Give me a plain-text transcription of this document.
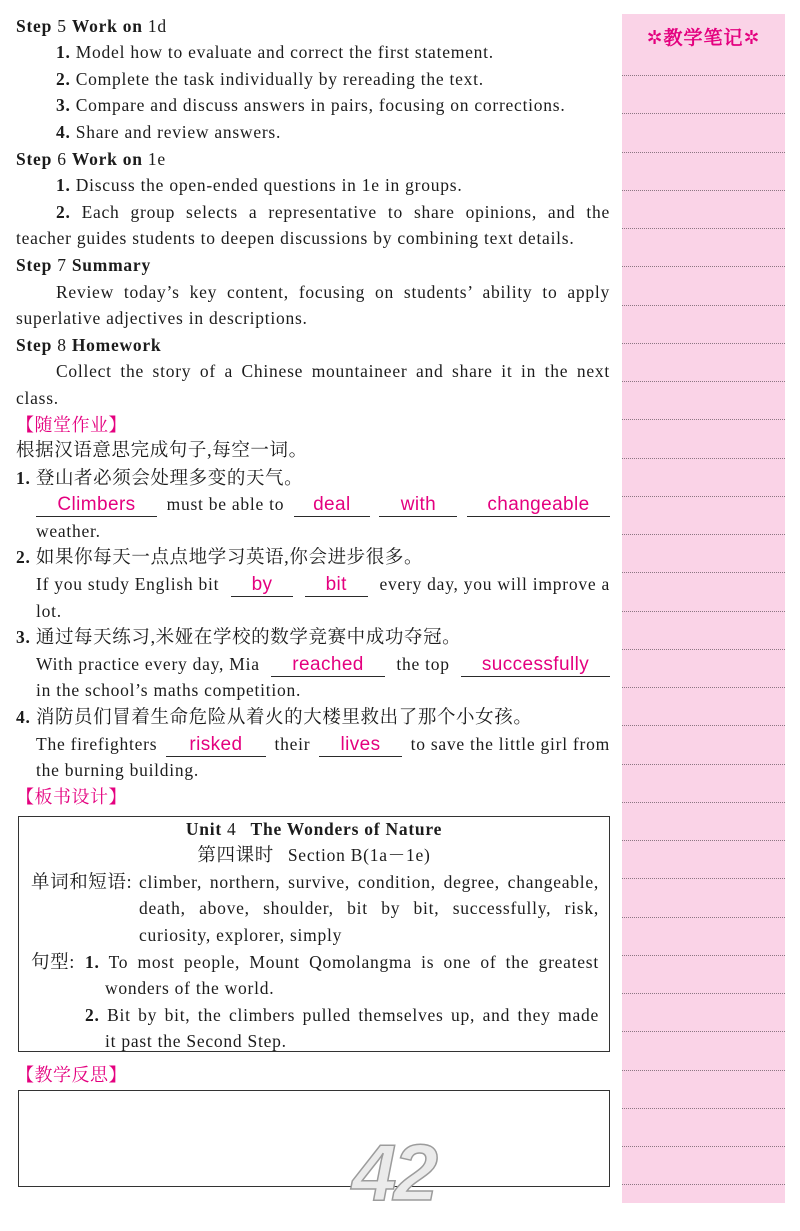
Step 5 Work on 1d
1. Model how to evaluate and correct the first statement.
2. Complete the task individually by rereading the text.
3. Compare and discuss answers in pairs, focusing on corrections.
4. Share and review answers.
Step 6 Work on 1e
1. Discuss the open-ended questions in 1e in groups.
2. Each group selects a representative to share opinions, and the
teacher guides students to deepen discussions by combining text details.
Step 7 Summary
Review today’s key content, focusing on students’ ability to apply
superlative adjectives in descriptions.
Step 8 Homework
Collect the story of a Chinese mountaineer and share it in the next
class.
【随堂作业】
根据汉语意思完成句子,每空一词。
1. 登山者必须会处理多变的天气。
Climbers	must be able to	deal	with	changeable
weather.
2. 如果你每天一点点地学习英语,你会进步很多。
If you study English bit	by	bit	every day, you will improve a
lot.
3. 通过每天练习,米娅在学校的数学竞赛中成功夺冠。
With practice every day, Mia	reached	the top	successfully
in the school’s maths competition.
4. 消防员们冒着生命危险从着火的大楼里救出了那个小女孩。
The firefighters	risked	their	lives	to save the little girl from
the burning building.
【板书设计】
Unit 4 The Wonders of Nature
第四课时 Section B(1a－1e)
单词和短语: climber, northern, survive, condition, degree, changeable,
death, above, shoulder, bit by bit, successfully, risk,
curiosity, explorer, simply
句型: 1. To most people, Mount Qomolangma is one of the greatest
wonders of the world.
2. Bit by bit, the climbers pulled themselves up, and they made
it past the Second Step.
【教学反思】
42
✲教学笔记✲
